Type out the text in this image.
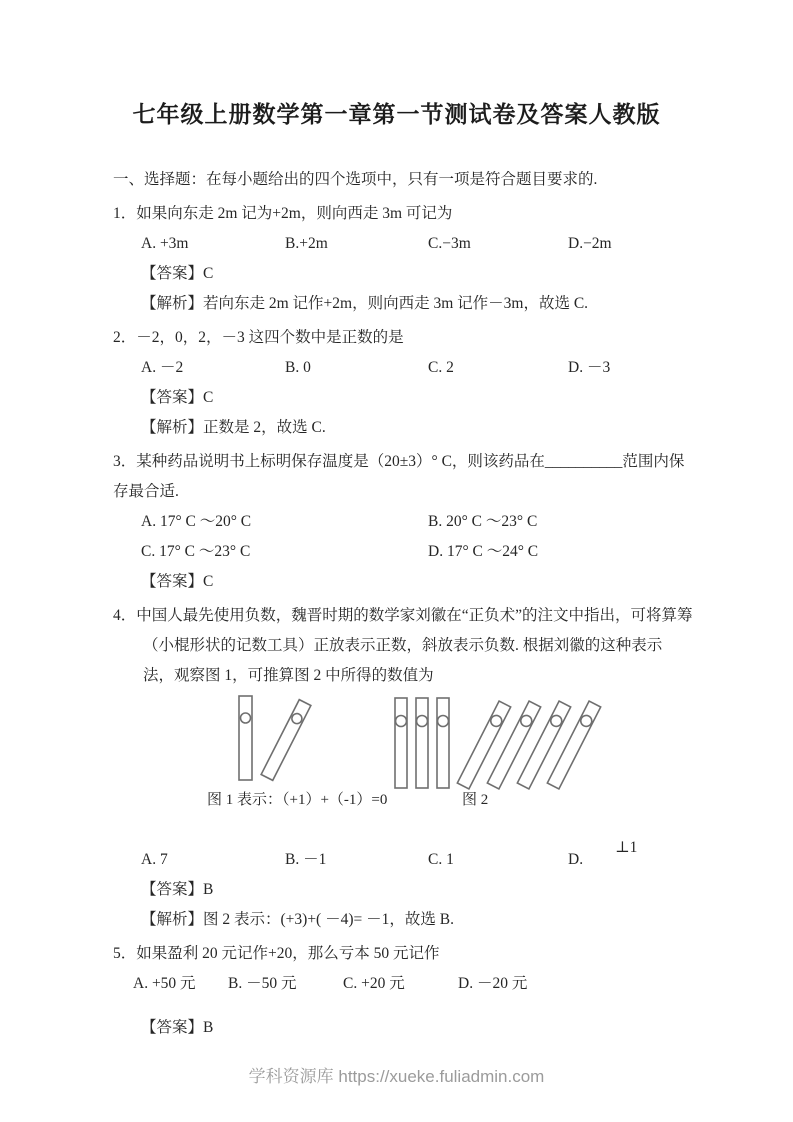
七年级上册数学第一章第一节测试卷及答案人教版

一、选择题：在每小题给出的四个选项中，只有一项是符合题目要求的.

1．如果向东走 2m 记为+2m，则向西走 3m 可记为

A. +3m	B.+2m	C.−3m	D.−2m

【答案】C

【解析】若向东走 2m 记作+2m，则向西走 3m 记作－3m，故选 C.

2．－2，0，2，－3 这四个数中是正数的是

A. －2	B. 0	C. 2	D. －3

【答案】C

【解析】正数是 2，故选 C.

3．某种药品说明书上标明保存温度是（20±3）° C，则该药品在__________范围内保存最合适.

A. 17° C ～20° C	B. 20° C ～23° C
C. 17° C ～23° C	D. 17° C ～24° C

【答案】C

4．中国人最先使用负数，魏晋时期的数学家刘徽在“正负术”的注文中指出，可将算筹（小棍形状的记数工具）正放表示正数，斜放表示负数. 根据刘徽的这种表示法，观察图 1，可推算图 2 中所得的数值为

图 1 表示：（+1）+（-1）=0	图 2
A. 7	B. －1	C. 1	D.⊥1

【答案】B

【解析】图 2 表示：(+3)+( －4)= －1，故选 B.

5．如果盈利 20 元记作+20，那么亏本 50 元记作

A. +50 元	B. －50 元	C. +20 元	D. －20 元

【答案】B

学科资源库 https://xueke.fuliadmin.com
